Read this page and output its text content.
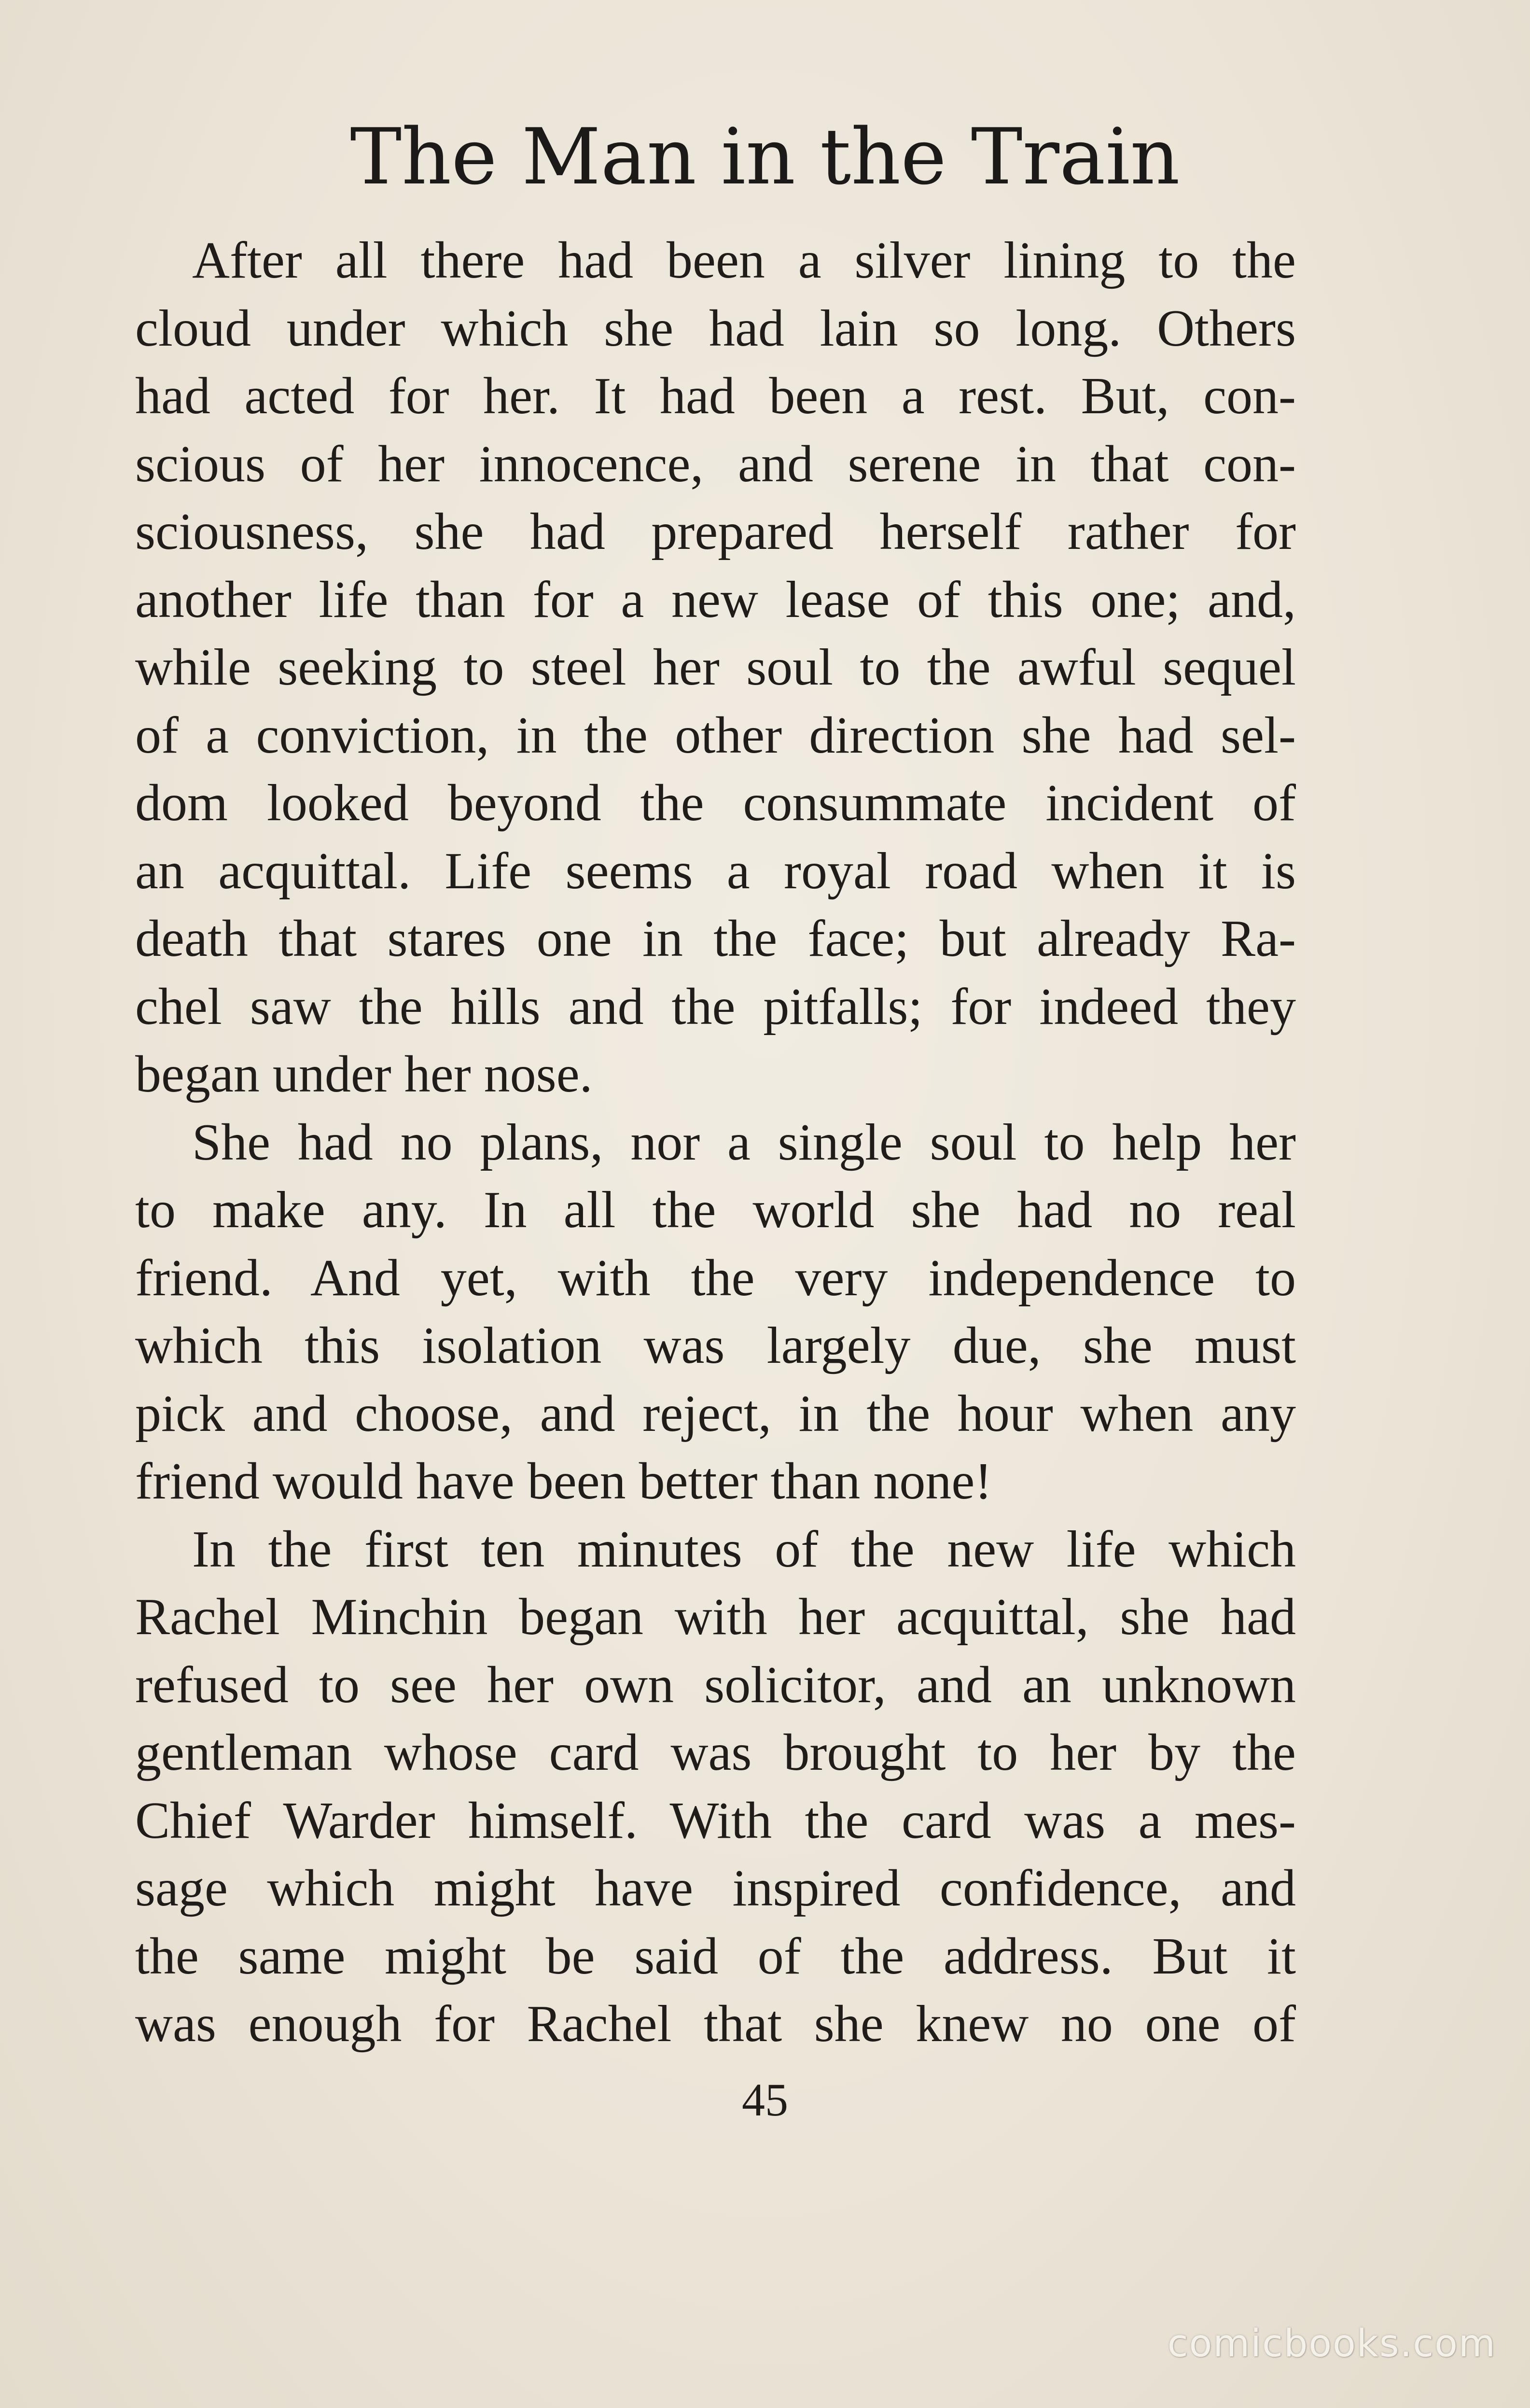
The Man in the Train
After all there had been a silver lining to the
cloud under which she had lain so long. Others
had acted for her. It had been a rest. But, con-
scious of her innocence, and serene in that con-
sciousness, she had prepared herself rather for
another life than for a new lease of this one; and,
while seeking to steel her soul to the awful sequel
of a conviction, in the other direction she had sel-
dom looked beyond the consummate incident of
an acquittal. Life seems a royal road when it is
death that stares one in the face; but already Ra-
chel saw the hills and the pitfalls; for indeed they
began under her nose.
She had no plans, nor a single soul to help her
to make any. In all the world she had no real
friend. And yet, with the very independence to
which this isolation was largely due, she must
pick and choose, and reject, in the hour when any
friend would have been better than none!
In the first ten minutes of the new life which
Rachel Minchin began with her acquittal, she had
refused to see her own solicitor, and an unknown
gentleman whose card was brought to her by the
Chief Warder himself. With the card was a mes-
sage which might have inspired confidence, and
the same might be said of the address. But it
was enough for Rachel that she knew no one of
45
comicbooks.com
